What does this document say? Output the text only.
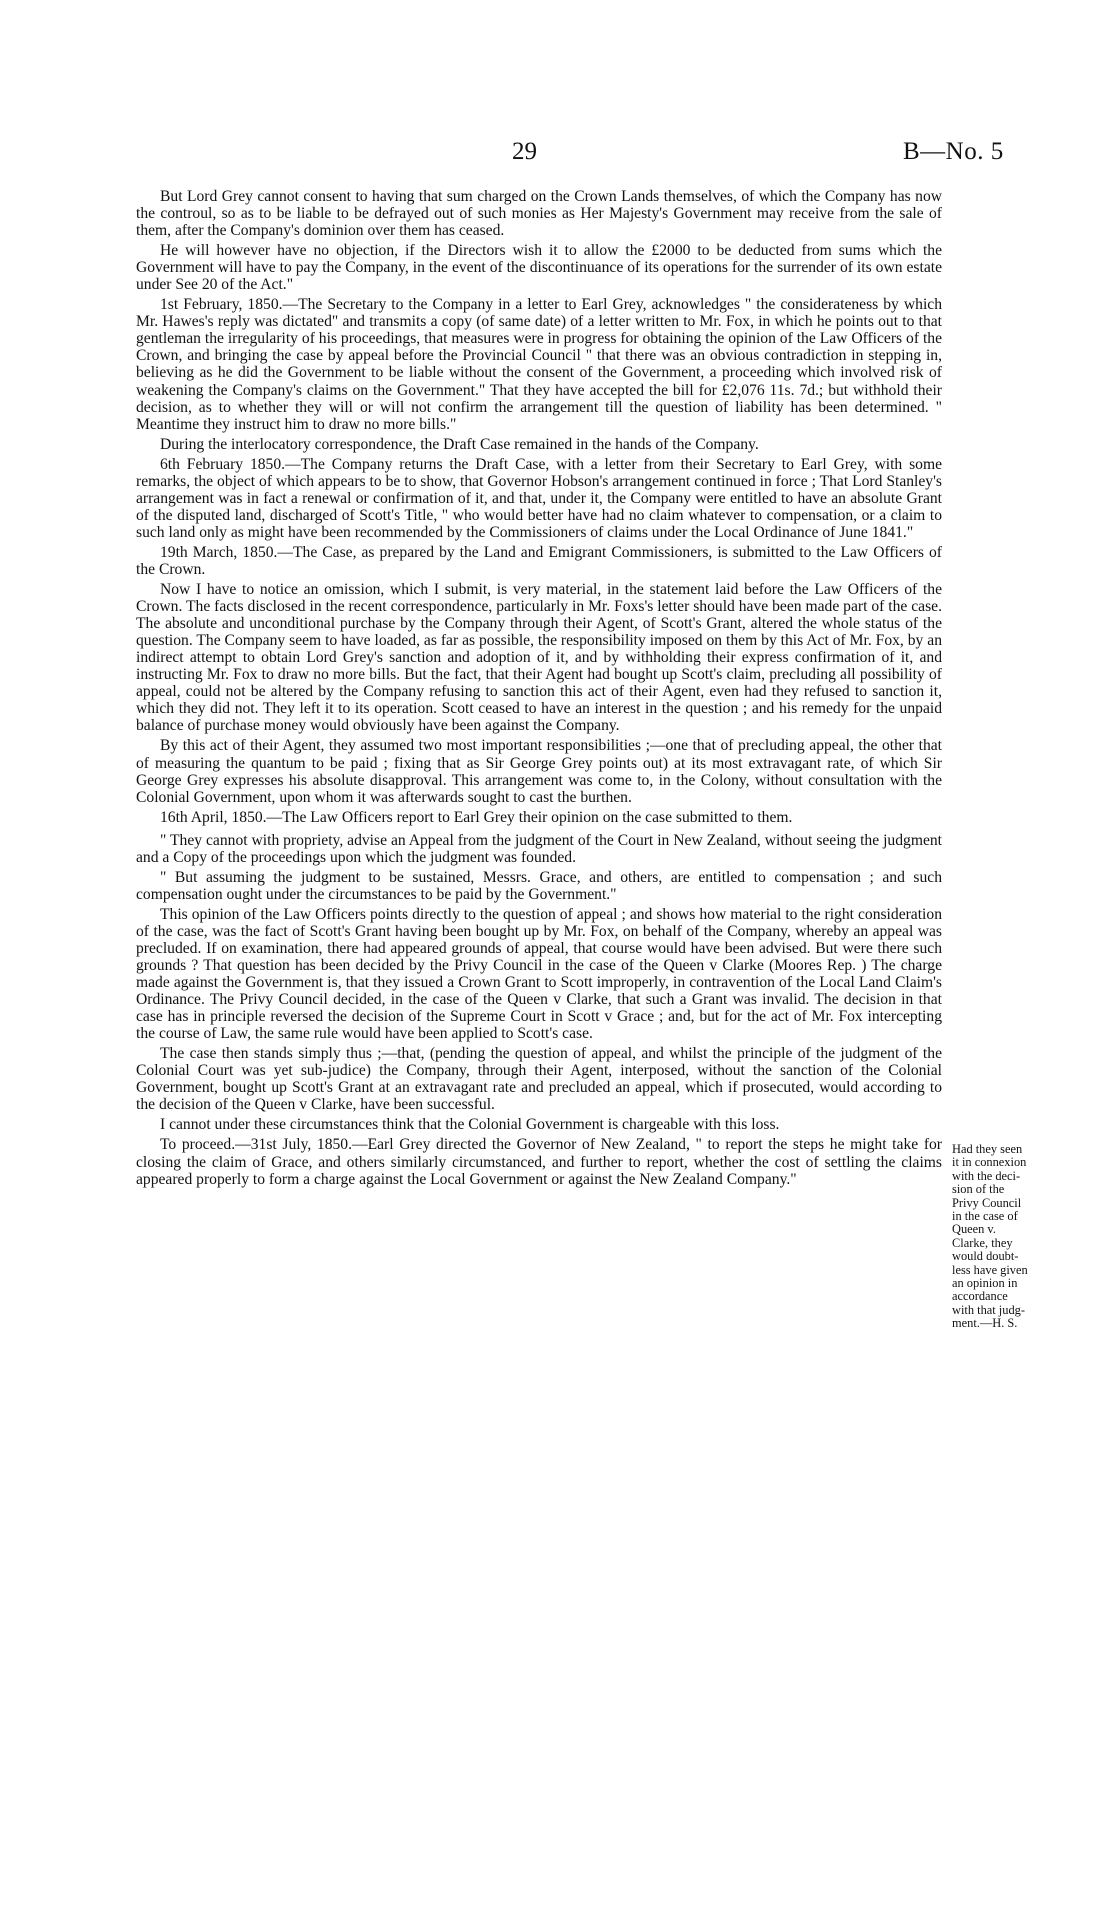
29	B—No. 5

But Lord Grey cannot consent to having that sum charged on the Crown Lands themselves, of which the Company has now the controul, so as to be liable to be defrayed out of such monies as Her Majesty's Government may receive from the sale of them, after the Company's dominion over them has ceased.

He will however have no objection, if the Directors wish it to allow the £2000 to be deducted from sums which the Government will have to pay the Company, in the event of the discontinuance of its operations for the surrender of its own estate under See 20 of the Act."

1st February, 1850.—The Secretary to the Company in a letter to Earl Grey, acknowledges " the considerateness by which Mr. Hawes's reply was dictated" and transmits a copy (of same date) of a letter written to Mr. Fox, in which he points out to that gentleman the irregularity of his proceedings, that measures were in progress for obtaining the opinion of the Law Officers of the Crown, and bringing the case by appeal before the Provincial Council " that there was an obvious contradiction in stepping in, believing as he did the Government to be liable without the consent of the Government, a proceeding which involved risk of weakening the Company's claims on the Government." That they have accepted the bill for £2,076 11s. 7d.; but withhold their decision, as to whether they will or will not confirm the arrangement till the question of liability has been determined. " Meantime they instruct him to draw no more bills."

During the interlocatory correspondence, the Draft Case remained in the hands of the Company.

6th February 1850.—The Company returns the Draft Case, with a letter from their Secretary to Earl Grey, with some remarks, the object of which appears to be to show, that Governor Hobson's arrangement continued in force ; That Lord Stanley's arrangement was in fact a renewal or confirmation of it, and that, under it, the Company were entitled to have an absolute Grant of the disputed land, discharged of Scott's Title, " who would better have had no claim whatever to compensation, or a claim to such land only as might have been recommended by the Commissioners of claims under the Local Ordinance of June 1841."

19th March, 1850.—The Case, as prepared by the Land and Emigrant Commissioners, is submitted to the Law Officers of the Crown.

Now I have to notice an omission, which I submit, is very material, in the statement laid before the Law Officers of the Crown. The facts disclosed in the recent correspondence, particularly in Mr. Foxs's letter should have been made part of the case. The absolute and unconditional purchase by the Company through their Agent, of Scott's Grant, altered the whole status of the question. The Company seem to have loaded, as far as possible, the responsibility imposed on them by this Act of Mr. Fox, by an indirect attempt to obtain Lord Grey's sanction and adoption of it, and by withholding their express confirmation of it, and instructing Mr. Fox to draw no more bills. But the fact, that their Agent had bought up Scott's claim, precluding all possibility of appeal, could not be altered by the Company refusing to sanction this act of their Agent, even had they refused to sanction it, which they did not. They left it to its operation. Scott ceased to have an interest in the question ; and his remedy for the unpaid balance of purchase money would obviously have been against the Company.

By this act of their Agent, they assumed two most important responsibilities ;—one that of precluding appeal, the other that of measuring the quantum to be paid ; fixing that as Sir George Grey points out) at its most extravagant rate, of which Sir George Grey expresses his absolute disapproval. This arrangement was come to, in the Colony, without consultation with the Colonial Government, upon whom it was afterwards sought to cast the burthen.

16th April, 1850.—The Law Officers report to Earl Grey their opinion on the case submitted to them.

" They cannot with propriety, advise an Appeal from the judgment of the Court in New Zealand, without seeing the judgment and a Copy of the proceedings upon which the judgment was founded.

" But assuming the judgment to be sustained, Messrs. Grace, and others, are entitled to compensation ; and such compensation ought under the circumstances to be paid by the Government."

This opinion of the Law Officers points directly to the question of appeal ; and shows how material to the right consideration of the case, was the fact of Scott's Grant having been bought up by Mr. Fox, on behalf of the Company, whereby an appeal was precluded. If on examination, there had appeared grounds of appeal, that course would have been advised. But were there such grounds ? That question has been decided by the Privy Council in the case of the Queen v Clarke (Moores Rep. ) The charge made against the Government is, that they issued a Crown Grant to Scott improperly, in contravention of the Local Land Claim's Ordinance. The Privy Council decided, in the case of the Queen v Clarke, that such a Grant was invalid. The decision in that case has in principle reversed the decision of the Supreme Court in Scott v Grace ; and, but for the act of Mr. Fox intercepting the course of Law, the same rule would have been applied to Scott's case.

The case then stands simply thus ;—that, (pending the question of appeal, and whilst the principle of the judgment of the Colonial Court was yet sub-judice) the Company, through their Agent, interposed, without the sanction of the Colonial Government, bought up Scott's Grant at an extravagant rate and precluded an appeal, which if prosecuted, would according to the decision of the Queen v Clarke, have been successful.

I cannot under these circumstances think that the Colonial Government is chargeable with this loss.

To proceed.—31st July, 1850.—Earl Grey directed the Governor of New Zealand, " to report the steps he might take for closing the claim of Grace, and others similarly circumstanced, and further to report, whether the cost of settling the claims appeared properly to form a charge against the Local Government or against the New Zealand Company."

Had they seen
it in connexion
with the deci-
sion of the
Privy Council
in the case of
Queen v.
Clarke, they
would doubt-
less have given
an opinion in
accordance
with that judg-
ment.—H. S.
